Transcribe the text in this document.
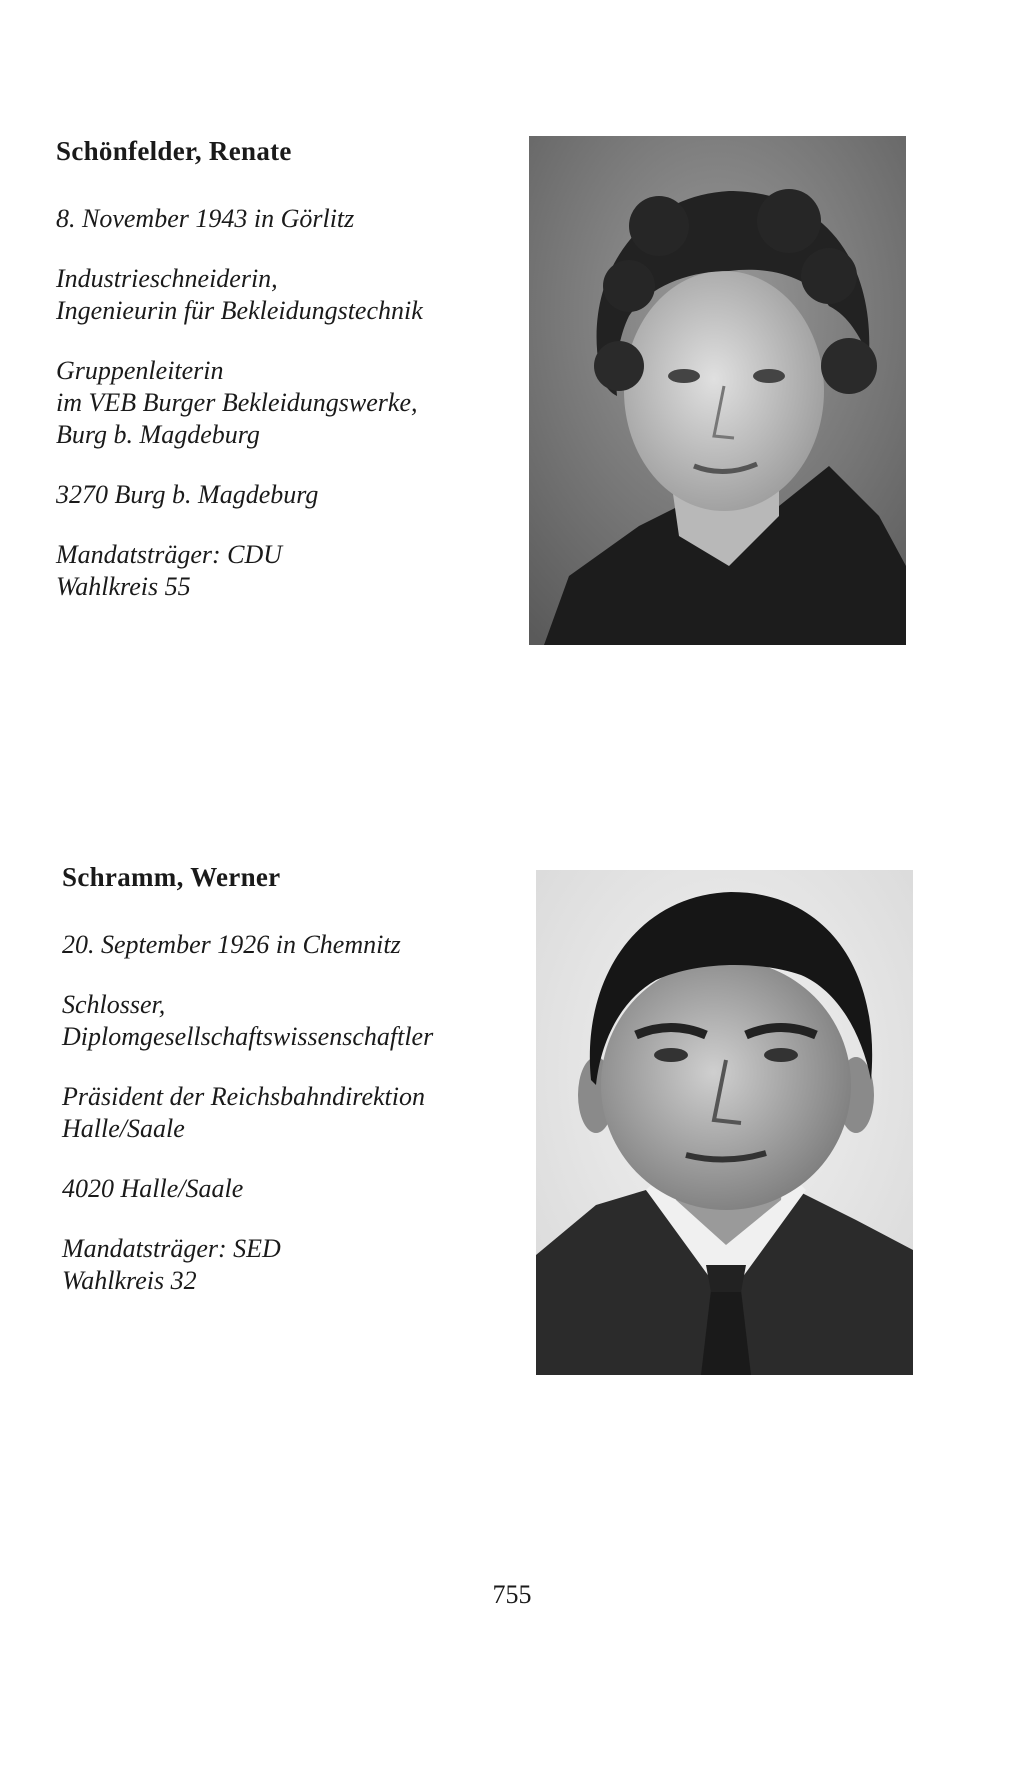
Schönfelder, Renate

8. November 1943 in Görlitz

Industrieschneiderin,

Ingenieurin für Bekleidungstechnik

Gruppenleiterin

im VEB Burger Bekleidungswerke,

Burg b. Magdeburg

3270 Burg b. Magdeburg

Mandatsträger: CDU

Wahlkreis 55

Schramm, Werner

20. September 1926 in Chemnitz

Schlosser,

Diplomgesellschaftswissenschaftler

Präsident der Reichsbahndirektion

Halle/Saale

4020 Halle/Saale

Mandatsträger: SED

Wahlkreis 32

755
